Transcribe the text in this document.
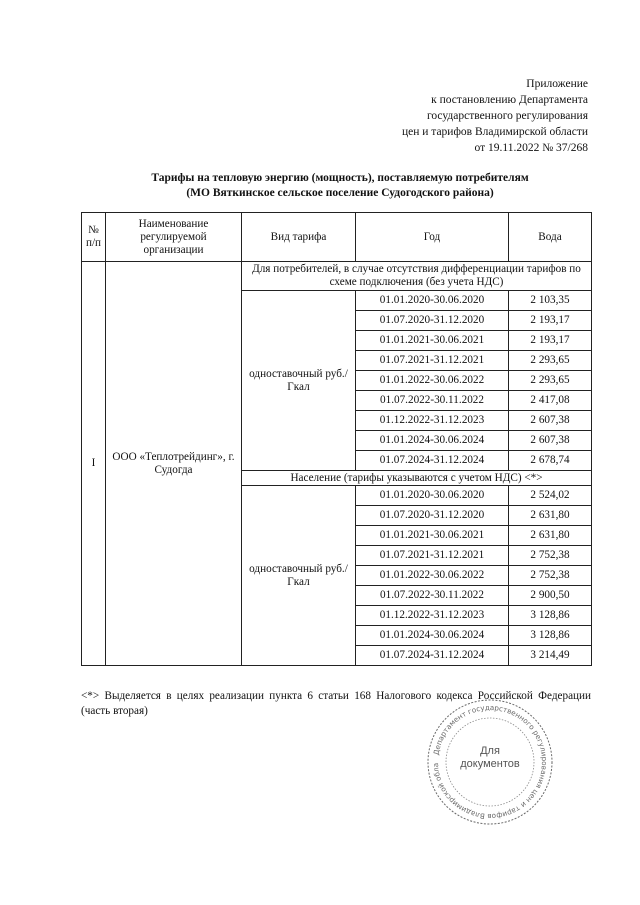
Приложение
к постановлению Департамента
государственного регулирования
цен и тарифов Владимирской области
от 19.11.2022 № 37/268
Тарифы на тепловую энергию (мощность), поставляемую потребителям
(МО Вяткинское сельское поселение Судогодского района)
№ п/п	Наименование регулируемой организации	Вид тарифа	Год	Вода
I	ООО «Теплотрейдинг», г. Судогда	Для потребителей, в случае отсутствия дифференциации тарифов по схеме подключения (без учета НДС)		
		одноставочный руб./Гкал	01.01.2020-30.06.2020	2 103,35
			01.07.2020-31.12.2020	2 193,17
			01.01.2021-30.06.2021	2 193,17
			01.07.2021-31.12.2021	2 293,65
			01.01.2022-30.06.2022	2 293,65
			01.07.2022-30.11.2022	2 417,08
			01.12.2022-31.12.2023	2 607,38
			01.01.2024-30.06.2024	2 607,38
			01.07.2024-31.12.2024	2 678,74
		Население (тарифы указываются с учетом НДС) <*>		
		одноставочный руб./Гкал	01.01.2020-30.06.2020	2 524,02
			01.07.2020-31.12.2020	2 631,80
			01.01.2021-30.06.2021	2 631,80
			01.07.2021-31.12.2021	2 752,38
			01.01.2022-30.06.2022	2 752,38
			01.07.2022-30.11.2022	2 900,50
			01.12.2022-31.12.2023	3 128,86
			01.01.2024-30.06.2024	3 128,86
			01.07.2024-31.12.2024	3 214,49
<*> Выделяется в целях реализации пункта 6 статьи 168 Налогового кодекса Российской Федерации (часть вторая)
Департамент государственного регулирования цен и тарифов Владимирской обла
Для
документов
